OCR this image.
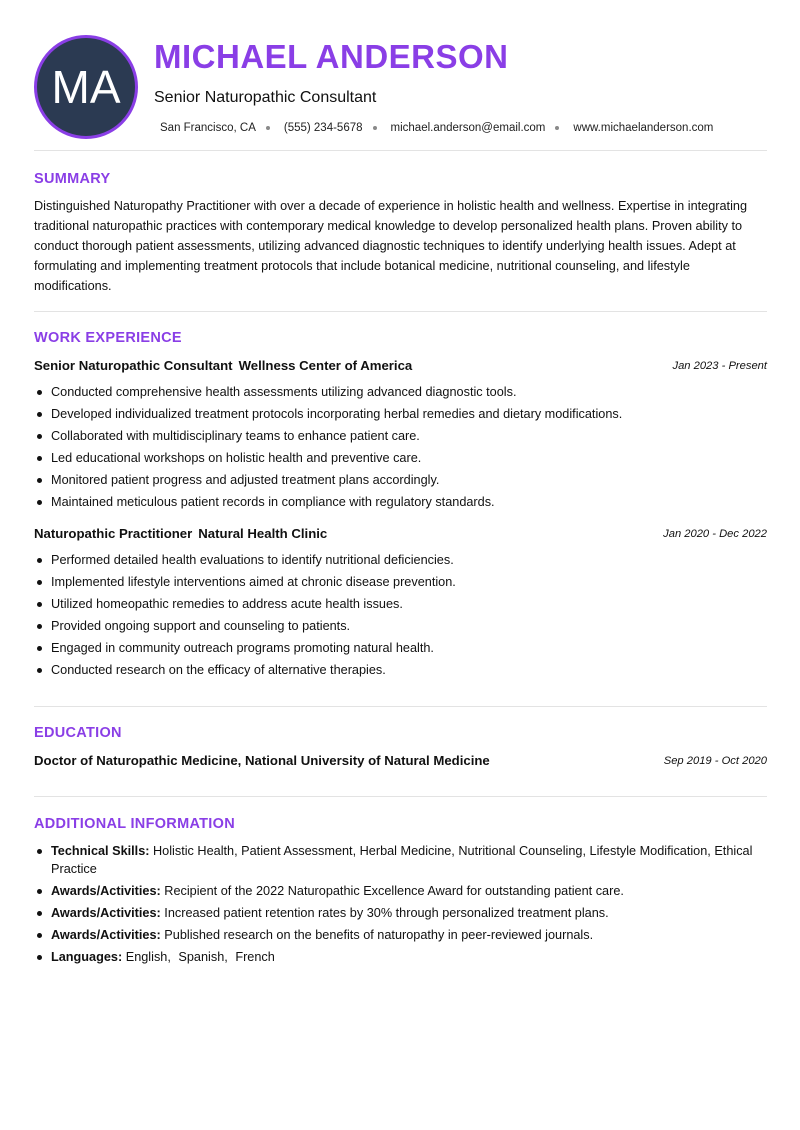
MA
MICHAEL ANDERSON
Senior Naturopathic Consultant
San Francisco, CA (555) 234-5678 michael.anderson@email.com www.michaelanderson.com
SUMMARY

Distinguished Naturopathy Practitioner with over a decade of experience in holistic health and wellness. Expertise in integrating traditional naturopathic practices with contemporary medical knowledge to develop personalized health plans. Proven ability to conduct thorough patient assessments, utilizing advanced diagnostic techniques to identify underlying health issues. Adept at formulating and implementing treatment protocols that include botanical medicine, nutritional counseling, and lifestyle modifications.

WORK EXPERIENCE
Senior Naturopathic Consultant Wellness Center of America	Jan 2023 - Present
Conducted comprehensive health assessments utilizing advanced diagnostic tools.
Developed individualized treatment protocols incorporating herbal remedies and dietary modifications.
Collaborated with multidisciplinary teams to enhance patient care.
Led educational workshops on holistic health and preventive care.
Monitored patient progress and adjusted treatment plans accordingly.
Maintained meticulous patient records in compliance with regulatory standards.
Naturopathic Practitioner Natural Health Clinic	Jan 2020 - Dec 2022
Performed detailed health evaluations to identify nutritional deficiencies.
Implemented lifestyle interventions aimed at chronic disease prevention.
Utilized homeopathic remedies to address acute health issues.
Provided ongoing support and counseling to patients.
Engaged in community outreach programs promoting natural health.
Conducted research on the efficacy of alternative therapies.
EDUCATION
Doctor of Naturopathic Medicine, National University of Natural Medicine	Sep 2019 - Oct 2020
ADDITIONAL INFORMATION
Technical Skills: Holistic Health, Patient Assessment, Herbal Medicine, Nutritional Counseling, Lifestyle Modification, Ethical Practice
Awards/Activities: Recipient of the 2022 Naturopathic Excellence Award for outstanding patient care.
Awards/Activities: Increased patient retention rates by 30% through personalized treatment plans.
Awards/Activities: Published research on the benefits of naturopathy in peer-reviewed journals.
Languages: English, Spanish, French
